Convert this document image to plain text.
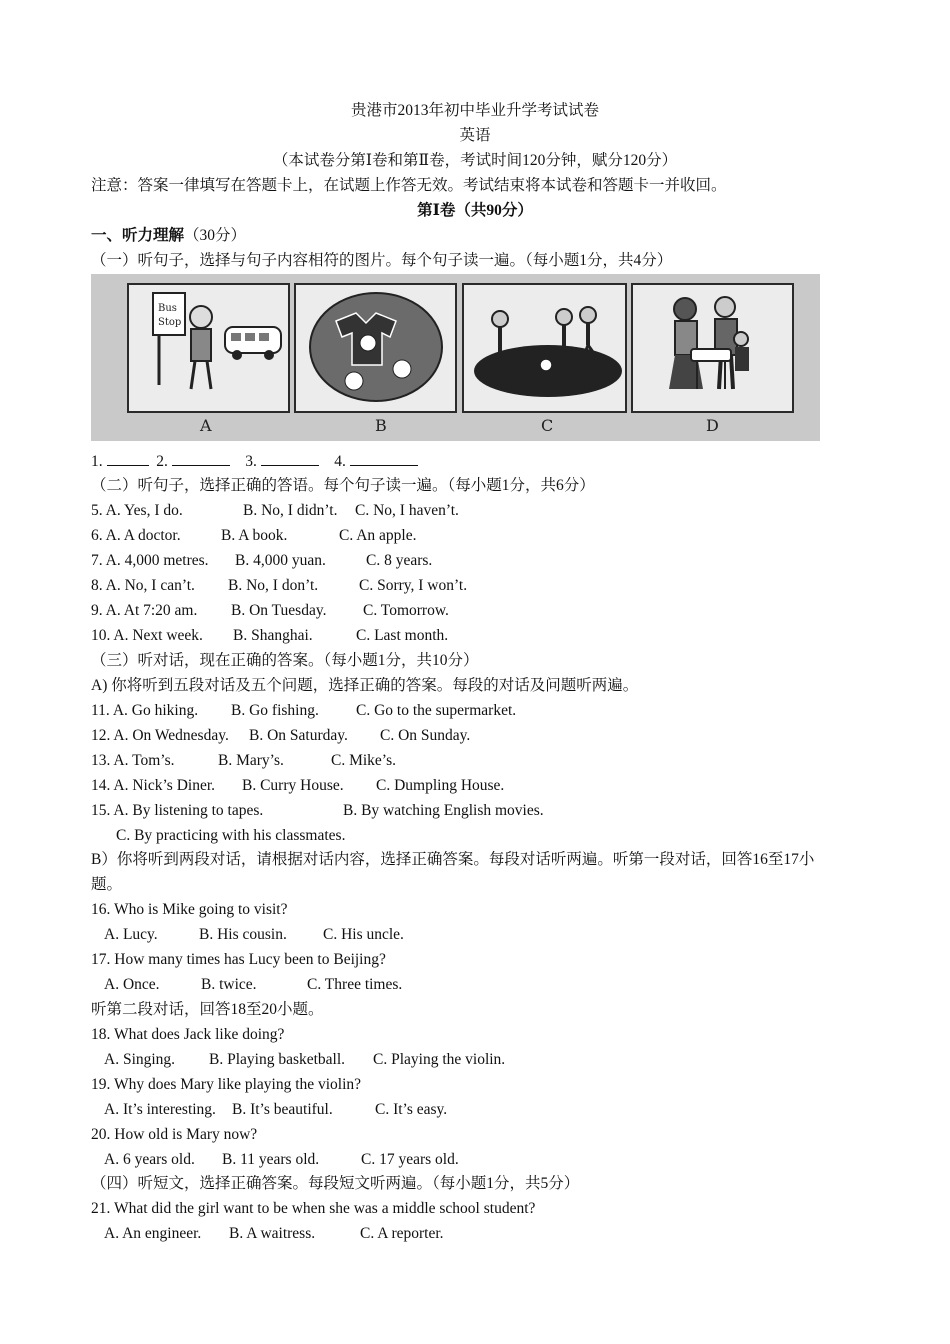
贵港市2013年初中毕业升学考试试卷
英语
（本试卷分第Ⅰ卷和第Ⅱ卷，考试时间120分钟，赋分120分）
注意：答案一律填写在答题卡上，在试题上作答无效。考试结束将本试卷和答题卡一并收回。
第Ⅰ卷（共90分）
一、听力理解（30分）
（一）听句子，选择与句子内容相符的图片。每个句子读一遍。（每小题1分，共4分）
Bus
Stop
A	B	C	D
1.	2.	3.	4.
（二）听句子，选择正确的答语。每个句子读一遍。（每小题1分，共6分）
5. A. Yes, I do.	B. No, I didn’t. C. No, I haven’t.
6. A. A doctor.	B. A book.	C. An apple.
7. A. 4,000 metres. B. 4,000 yuan.	C. 8 years.
8. A. No, I can’t. B. No, I don’t.	C. Sorry, I won’t.
9. A. At 7:20 am. B. On Tuesday. C. Tomorrow.
10. A. Next week. B. Shanghai.	C. Last month.
（三）听对话，现在正确的答案。（每小题1分，共10分）
A) 你将听到五段对话及五个问题，选择正确的答案。每段的对话及问题听两遍。
11. A. Go hiking. B. Go fishing. C. Go to the supermarket.
12. A. On Wednesday. B. On Saturday. C. On Sunday.
13. A. Tom’s.	B. Mary’s.	C. Mike’s.
14. A. Nick’s Diner. B. Curry House. C. Dumpling House.
15. A. By listening to tapes.	B. By watching English movies.
C. By practicing with his classmates.
B）你将听到两段对话，请根据对话内容，选择正确答案。每段对话听两遍。听第一段对话，回答16至17小
题。
16. Who is Mike going to visit?
A. Lucy.	B. His cousin. C. His uncle.
17. How many times has Lucy been to Beijing?
A. Once.	B. twice.	C. Three times.
听第二段对话，回答18至20小题。
18. What does Jack like doing?
A. Singing. B. Playing basketball. C. Playing the violin.
19. Why does Mary like playing the violin?
A. It’s interesting. B. It’s beautiful.	C. It’s easy.
20. How old is Mary now?
A. 6 years old. B. 11 years old.	C. 17 years old.
（四）听短文，选择正确答案。每段短文听两遍。（每小题1分，共5分）
21. What did the girl want to be when she was a middle school student?
A. An engineer. B. A waitress.	C. A reporter.
